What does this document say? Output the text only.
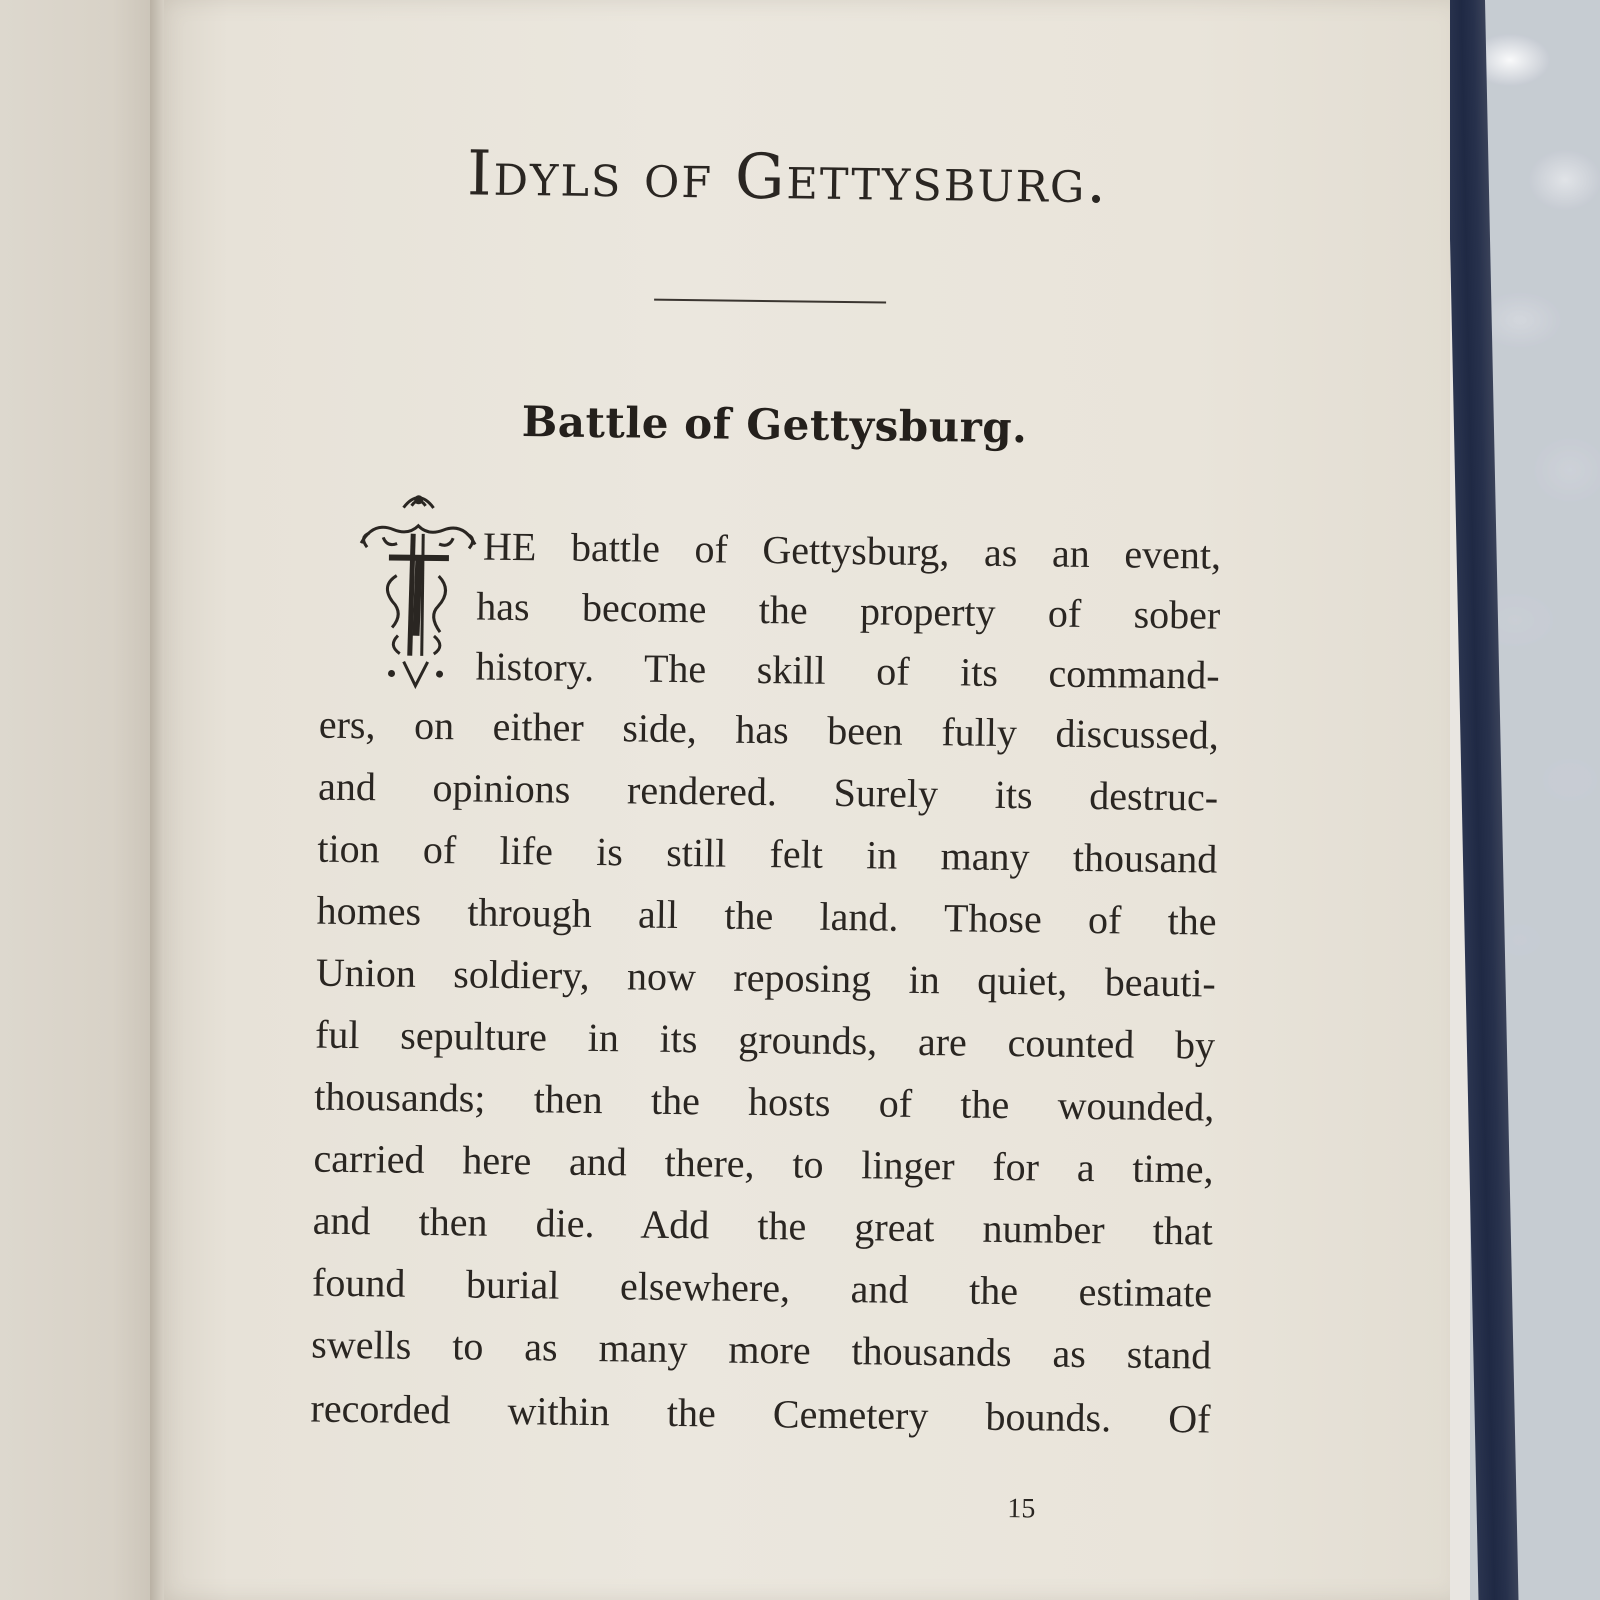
Idyls of Gettysburg.
Battle of Gettysburg.

HE battle of Gettysburg, as an event,

has become the property of sober

history. The skill of its command-

ers, on either side, has been fully discussed,

and opinions rendered. Surely its destruc-

tion of life is still felt in many thousand

homes through all the land. Those of the

Union soldiery, now reposing in quiet, beauti-

ful sepulture in its grounds, are counted by

thousands; then the hosts of the wounded,

carried here and there, to linger for a time,

and then die. Add the great number that

found burial elsewhere, and the estimate

swells to as many more thousands as stand

recorded within the Cemetery bounds. Of

15
